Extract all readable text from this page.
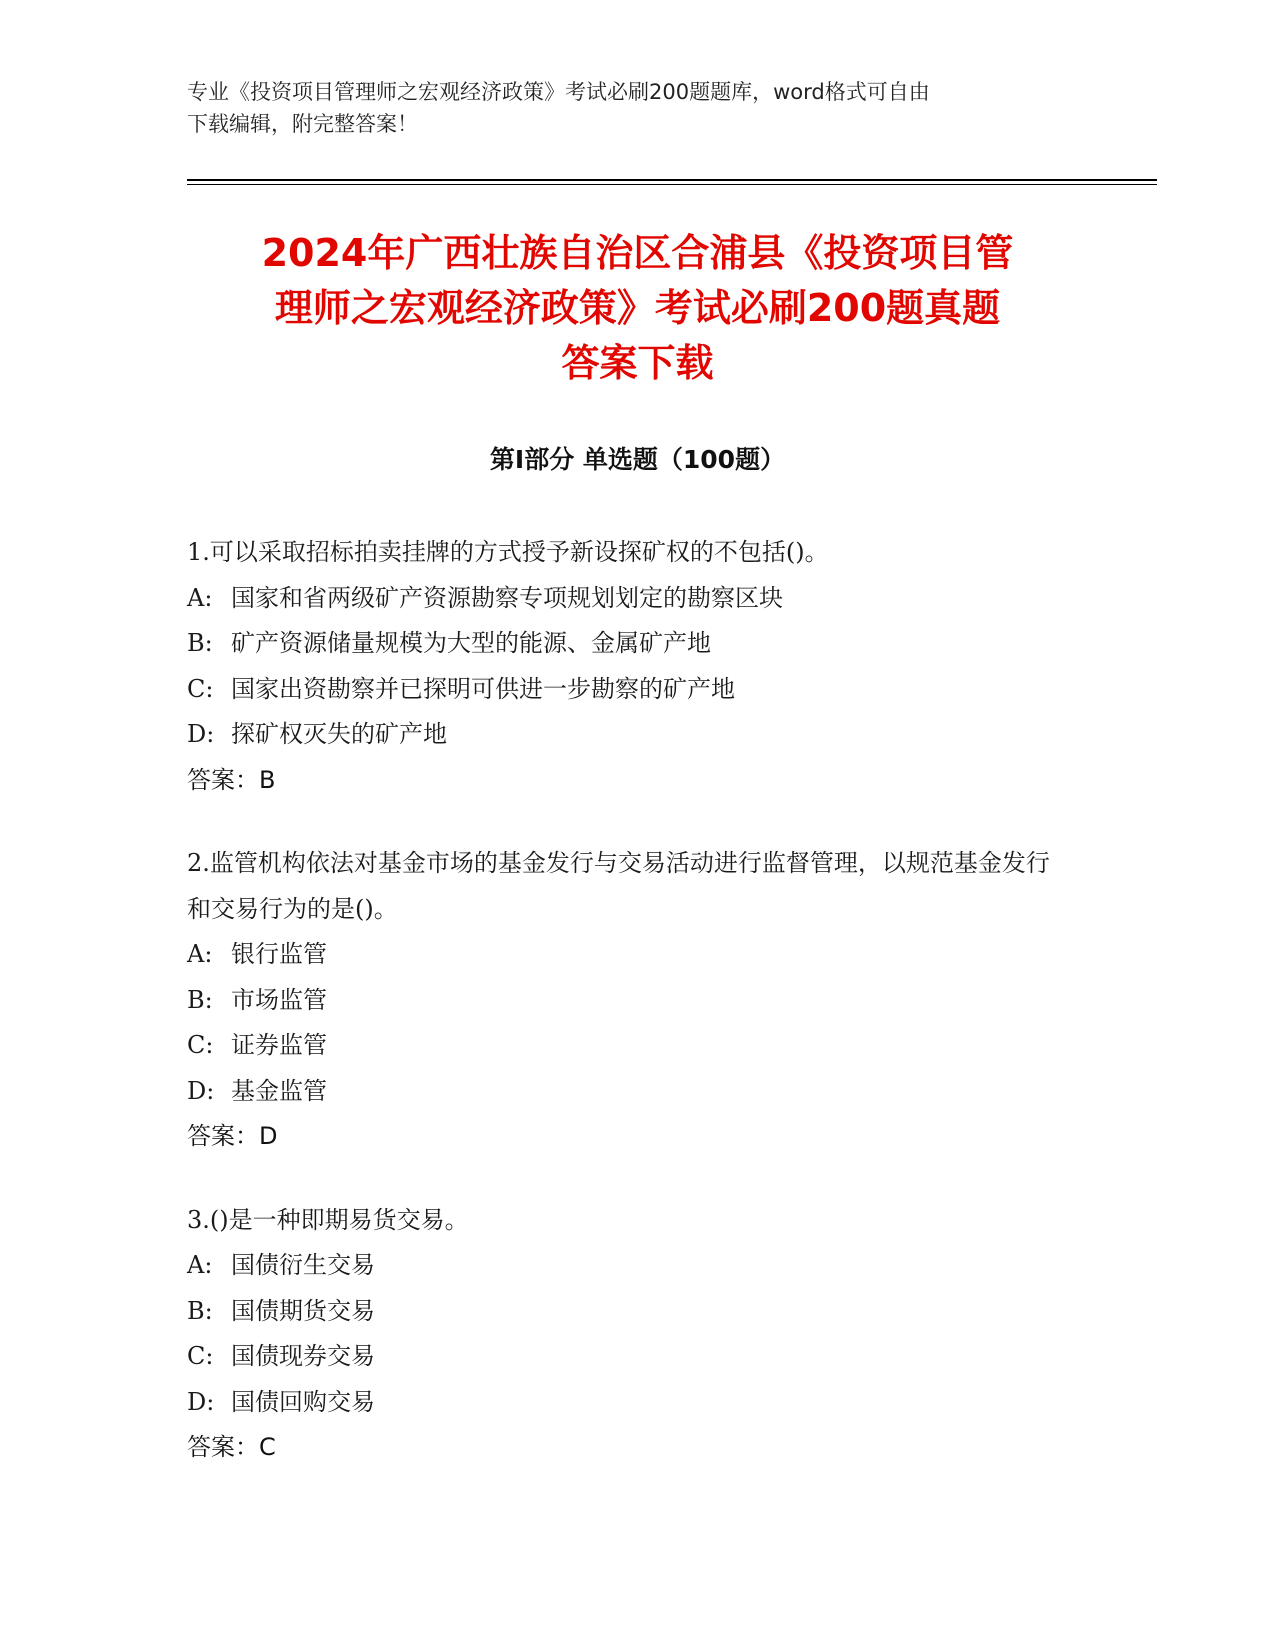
专业《投资项目管理师之宏观经济政策》考试必刷200题题库，word格式可自由
下载编辑，附完整答案！
2024年广西壮族自治区合浦县《投资项目管
理师之宏观经济政策》考试必刷200题真题
答案下载
第Ⅰ部分 单选题（100题）
1.可以采取招标拍卖挂牌的方式授予新设探矿权的不包括()。
A: 国家和省两级矿产资源勘察专项规划划定的勘察区块
B: 矿产资源储量规模为大型的能源、金属矿产地
C: 国家出资勘察并已探明可供进一步勘察的矿产地
D: 探矿权灭失的矿产地
答案：B
2.监管机构依法对基金市场的基金发行与交易活动进行监督管理，以规范基金发行和交易行为的是()。
A: 银行监管
B: 市场监管
C: 证券监管
D: 基金监管
答案：D
3.()是一种即期易货交易。
A: 国债衍生交易
B: 国债期货交易
C: 国债现券交易
D: 国债回购交易
答案：C
